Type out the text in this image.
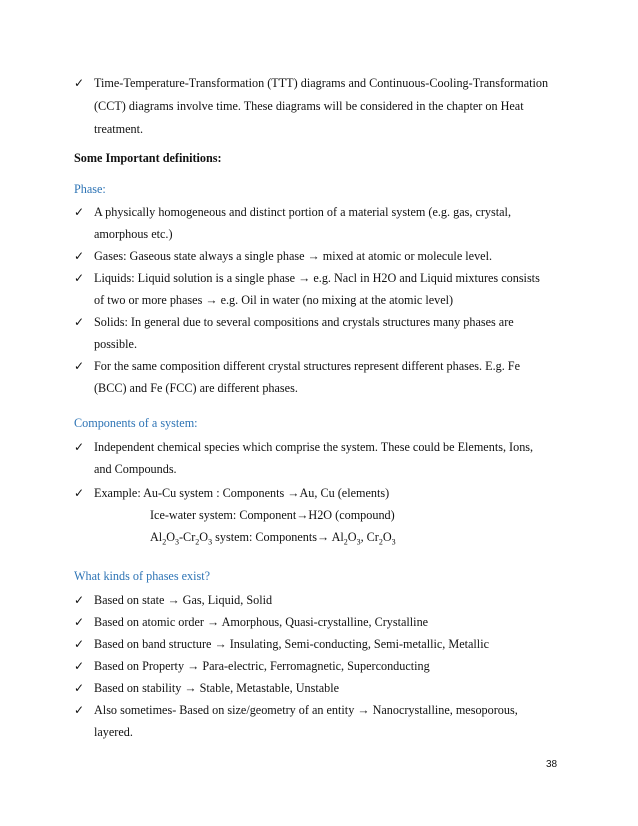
✓ Time-Temperature-Transformation (TTT) diagrams and Continuous-Cooling-Transformation
(CCT) diagrams involve time. These diagrams will be considered in the chapter on Heat
treatment.
Some Important definitions:
Phase:
✓ A physically homogeneous and distinct portion of a material system (e.g. gas, crystal,
amorphous etc.)
✓ Gases: Gaseous state always a single phase → mixed at atomic or molecule level.
✓ Liquids: Liquid solution is a single phase → e.g. Nacl in H2O and Liquid mixtures consists
of two or more phases → e.g. Oil in water (no mixing at the atomic level)
✓ Solids: In general due to several compositions and crystals structures many phases are
possible.
✓ For the same composition different crystal structures represent different phases. E.g. Fe
(BCC) and Fe (FCC) are different phases.
Components of a system:
✓ Independent chemical species which comprise the system. These could be Elements, Ions,
and Compounds.
✓ Example: Au-Cu system : Components →Au, Cu (elements)
Ice-water system: Component→H2O (compound)
$Al_2O_3-Cr_2O_3$ system: Components→ $Al_2O_3$, $Cr_2O_3$
What kinds of phases exist?
✓ Based on state → Gas, Liquid, Solid
✓ Based on atomic order → Amorphous, Quasi-crystalline, Crystalline
✓ Based on band structure → Insulating, Semi-conducting, Semi-metallic, Metallic
✓ Based on Property → Para-electric, Ferromagnetic, Superconducting
✓ Based on stability → Stable, Metastable, Unstable
✓ Also sometimes- Based on size/geometry of an entity → Nanocrystalline, mesoporous,
layered.
38
